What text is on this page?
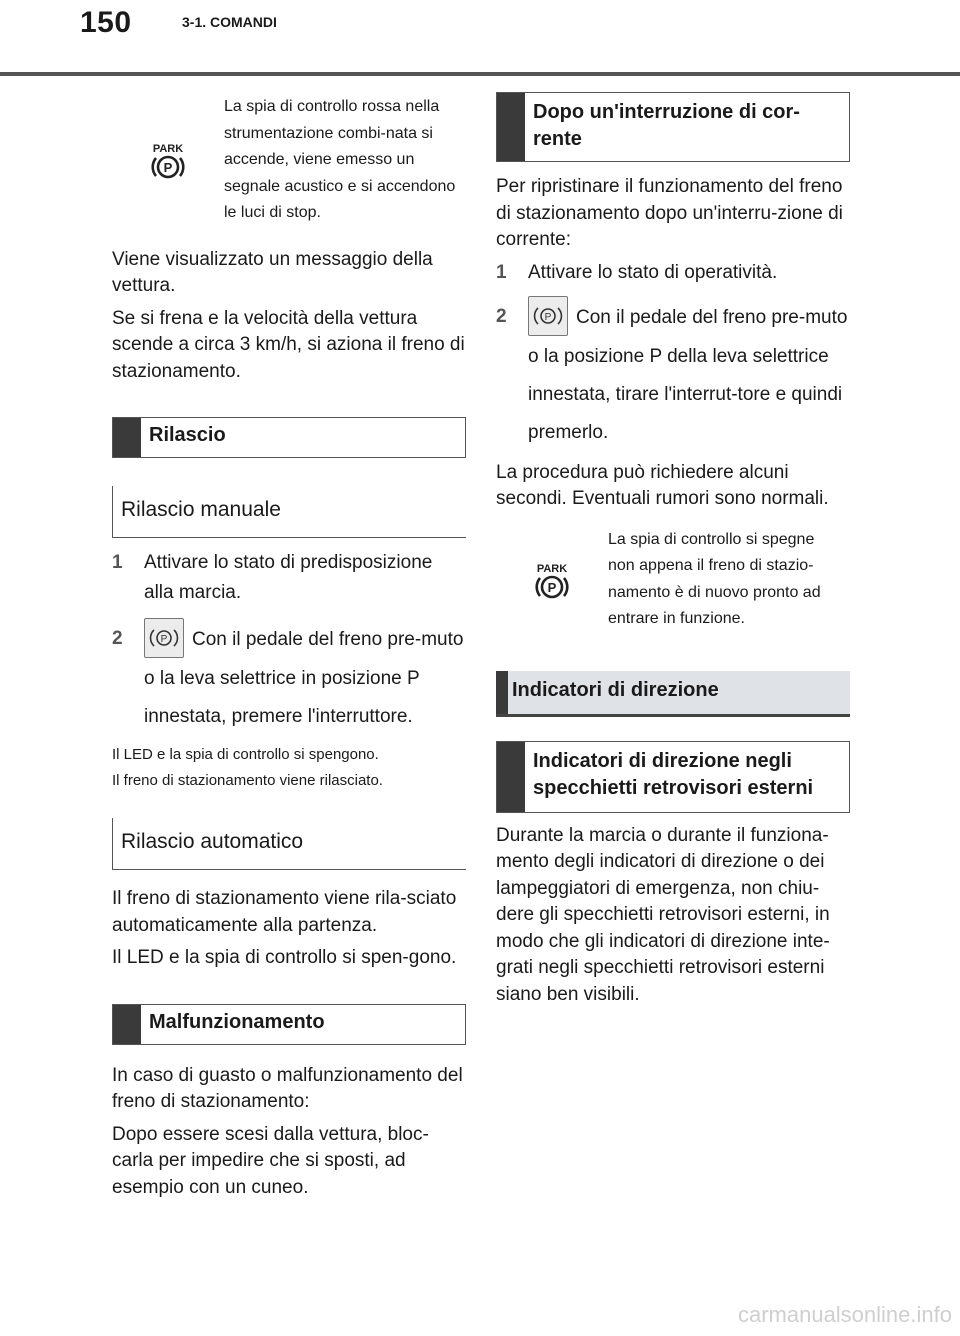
150	3-1. COMANDI
PARK
P
La spia di controllo rossa nella strumentazione combi-nata si accende, viene emesso un segnale acustico e si accendono le luci di stop.

Viene visualizzato un messaggio della vettura.

Se si frena e la velocità della vettura scende a circa 3 km/h, si aziona il freno di stazionamento.

Rilascio
Rilascio manuale
1	Attivare lo stato di predisposizione alla marcia.
2	P Con il pedale del freno pre-muto o la leva selettrice in posizione P innestata, premere l'interruttore.

Il LED e la spia di controllo si spengono.

Il freno di stazionamento viene rilasciato.

Rilascio automatico

Il freno di stazionamento viene rila-sciato automaticamente alla partenza.

Il LED e la spia di controllo si spen-gono.

Malfunzionamento

In caso di guasto o malfunzionamento del freno di stazionamento:

Dopo essere scesi dalla vettura, bloc-carla per impedire che si sposti, ad esempio con un cuneo.

Dopo un'interruzione di cor-rente

Per ripristinare il funzionamento del freno di stazionamento dopo un'interru-zione di corrente:

1	Attivare lo stato di operatività.
2	P Con il pedale del freno pre-muto o la posizione P della leva selettrice innestata, tirare l'interrut-tore e quindi premerlo.

La procedura può richiedere alcuni secondi. Eventuali rumori sono normali.

PARK
P
La spia di controllo si spegne non appena il freno di stazio-namento è di nuovo pronto ad entrare in funzione.
Indicatori di direzione
Indicatori di direzione negli specchietti retrovisori esterni

Durante la marcia o durante il funziona-mento degli indicatori di direzione o dei lampeggiatori di emergenza, non chiu-dere gli specchietti retrovisori esterni, in modo che gli indicatori di direzione inte-grati negli specchietti retrovisori esterni siano ben visibili.

carmanualsonline.info
